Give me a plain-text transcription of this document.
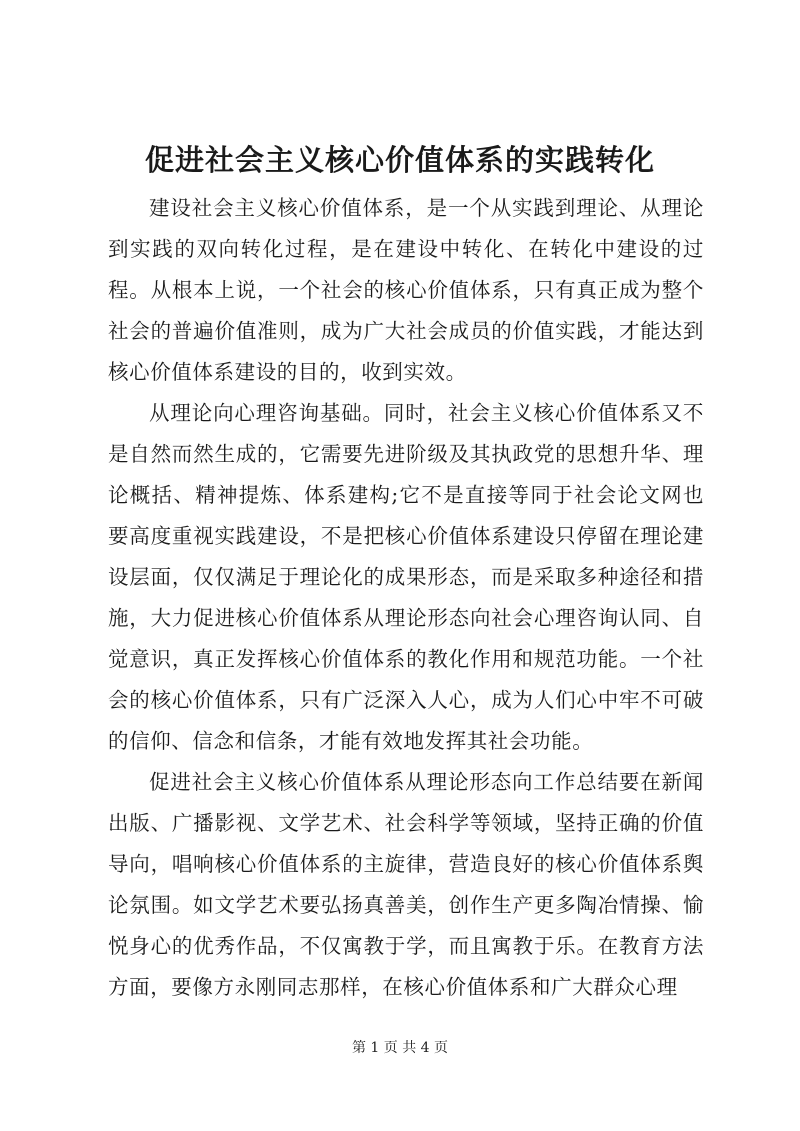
促进社会主义核心价值体系的实践转化

建设社会主义核心价值体系，是一个从实践到理论、从理论到实践的双向转化过程，是在建设中转化、在转化中建设的过程。从根本上说，一个社会的核心价值体系，只有真正成为整个社会的普遍价值准则，成为广大社会成员的价值实践，才能达到核心价值体系建设的目的，收到实效。

从理论向心理咨询基础。同时，社会主义核心价值体系又不是自然而然生成的，它需要先进阶级及其执政党的思想升华、理论概括、精神提炼、体系建构;它不是直接等同于社会论文网也要高度重视实践建设，不是把核心价值体系建设只停留在理论建设层面，仅仅满足于理论化的成果形态，而是采取多种途径和措施，大力促进核心价值体系从理论形态向社会心理咨询认同、自觉意识，真正发挥核心价值体系的教化作用和规范功能。一个社会的核心价值体系，只有广泛深入人心，成为人们心中牢不可破的信仰、信念和信条，才能有效地发挥其社会功能。

促进社会主义核心价值体系从理论形态向工作总结要在新闻出版、广播影视、文学艺术、社会科学等领域，坚持正确的价值导向，唱响核心价值体系的主旋律，营造良好的核心价值体系舆论氛围。如文学艺术要弘扬真善美，创作生产更多陶冶情操、愉悦身心的优秀作品，不仅寓教于学，而且寓教于乐。在教育方法方面，要像方永刚同志那样，在核心价值体系和广大群众心理

第 1 页 共 4 页
